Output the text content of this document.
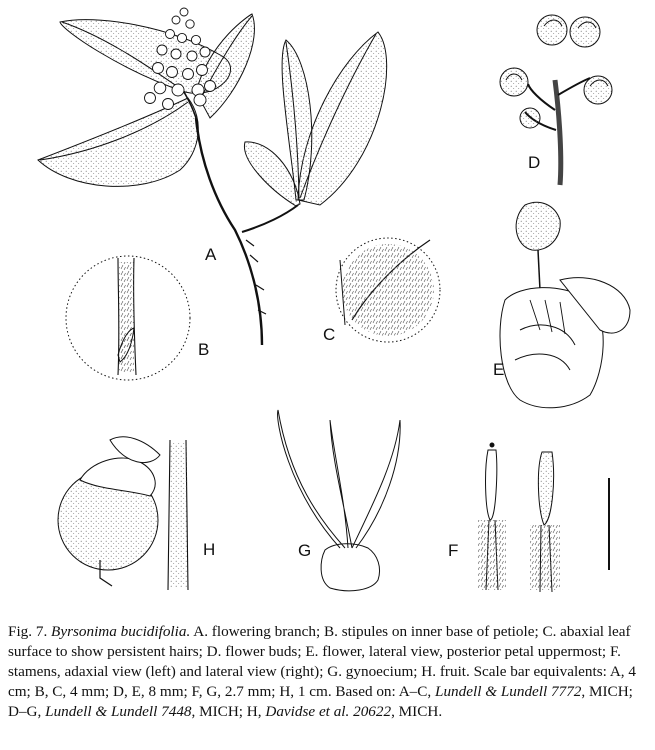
A
B
C
D
E
G
H	F
Fig. 7. Byrsonima bucidifolia. A. flowering branch; B. stipules on inner base of petiole; C. abaxial leaf surface to show persistent hairs; D. flower buds; E. flower, lateral view, posterior petal uppermost; F. stamens, adaxial view (left) and lateral view (right); G. gynoecium; H. fruit. Scale bar equivalents: A, 4 cm; B, C, 4 mm; D, E, 8 mm; F, G, 2.7 mm; H, 1 cm. Based on: A–C, Lundell & Lundell 7772, MICH; D–G, Lundell & Lundell 7448, MICH; H, Davidse et al. 20622, MICH.
